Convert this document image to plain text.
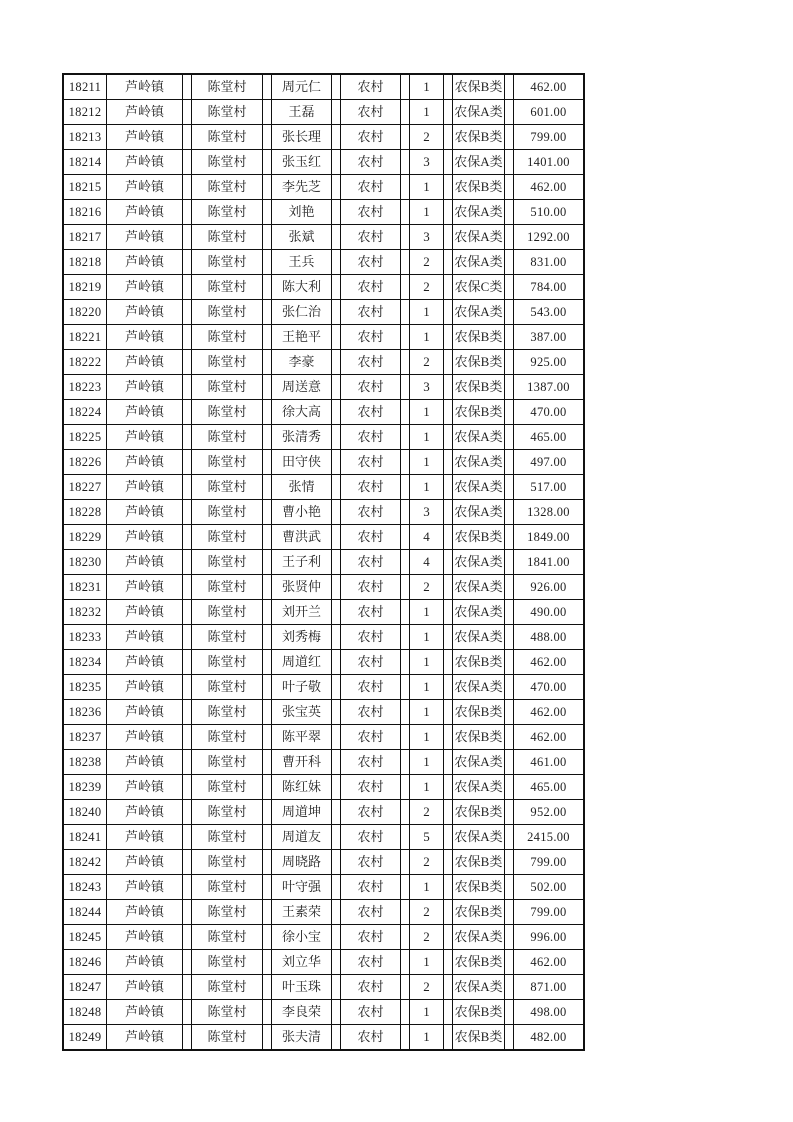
18211	芦岭镇		陈堂村		周元仁		农村		1		农保B类		462.00
18212	芦岭镇		陈堂村		王磊		农村		1		农保A类		601.00
18213	芦岭镇		陈堂村		张长理		农村		2		农保B类		799.00
18214	芦岭镇		陈堂村		张玉红		农村		3		农保A类		1401.00
18215	芦岭镇		陈堂村		李先芝		农村		1		农保B类		462.00
18216	芦岭镇		陈堂村		刘艳		农村		1		农保A类		510.00
18217	芦岭镇		陈堂村		张斌		农村		3		农保A类		1292.00
18218	芦岭镇		陈堂村		王兵		农村		2		农保A类		831.00
18219	芦岭镇		陈堂村		陈大利		农村		2		农保C类		784.00
18220	芦岭镇		陈堂村		张仁治		农村		1		农保A类		543.00
18221	芦岭镇		陈堂村		王艳平		农村		1		农保B类		387.00
18222	芦岭镇		陈堂村		李豪		农村		2		农保B类		925.00
18223	芦岭镇		陈堂村		周送意		农村		3		农保B类		1387.00
18224	芦岭镇		陈堂村		徐大高		农村		1		农保B类		470.00
18225	芦岭镇		陈堂村		张清秀		农村		1		农保A类		465.00
18226	芦岭镇		陈堂村		田守侠		农村		1		农保A类		497.00
18227	芦岭镇		陈堂村		张情		农村		1		农保A类		517.00
18228	芦岭镇		陈堂村		曹小艳		农村		3		农保A类		1328.00
18229	芦岭镇		陈堂村		曹洪武		农村		4		农保B类		1849.00
18230	芦岭镇		陈堂村		王子利		农村		4		农保A类		1841.00
18231	芦岭镇		陈堂村		张贤仲		农村		2		农保A类		926.00
18232	芦岭镇		陈堂村		刘开兰		农村		1		农保A类		490.00
18233	芦岭镇		陈堂村		刘秀梅		农村		1		农保A类		488.00
18234	芦岭镇		陈堂村		周道红		农村		1		农保B类		462.00
18235	芦岭镇		陈堂村		叶子敬		农村		1		农保A类		470.00
18236	芦岭镇		陈堂村		张宝英		农村		1		农保B类		462.00
18237	芦岭镇		陈堂村		陈平翠		农村		1		农保B类		462.00
18238	芦岭镇		陈堂村		曹开科		农村		1		农保A类		461.00
18239	芦岭镇		陈堂村		陈红妹		农村		1		农保A类		465.00
18240	芦岭镇		陈堂村		周道坤		农村		2		农保B类		952.00
18241	芦岭镇		陈堂村		周道友		农村		5		农保A类		2415.00
18242	芦岭镇		陈堂村		周晓路		农村		2		农保B类		799.00
18243	芦岭镇		陈堂村		叶守强		农村		1		农保B类		502.00
18244	芦岭镇		陈堂村		王素荣		农村		2		农保B类		799.00
18245	芦岭镇		陈堂村		徐小宝		农村		2		农保A类		996.00
18246	芦岭镇		陈堂村		刘立华		农村		1		农保B类		462.00
18247	芦岭镇		陈堂村		叶玉珠		农村		2		农保A类		871.00
18248	芦岭镇		陈堂村		李良荣		农村		1		农保B类		498.00
18249	芦岭镇		陈堂村		张夫清		农村		1		农保B类		482.00
